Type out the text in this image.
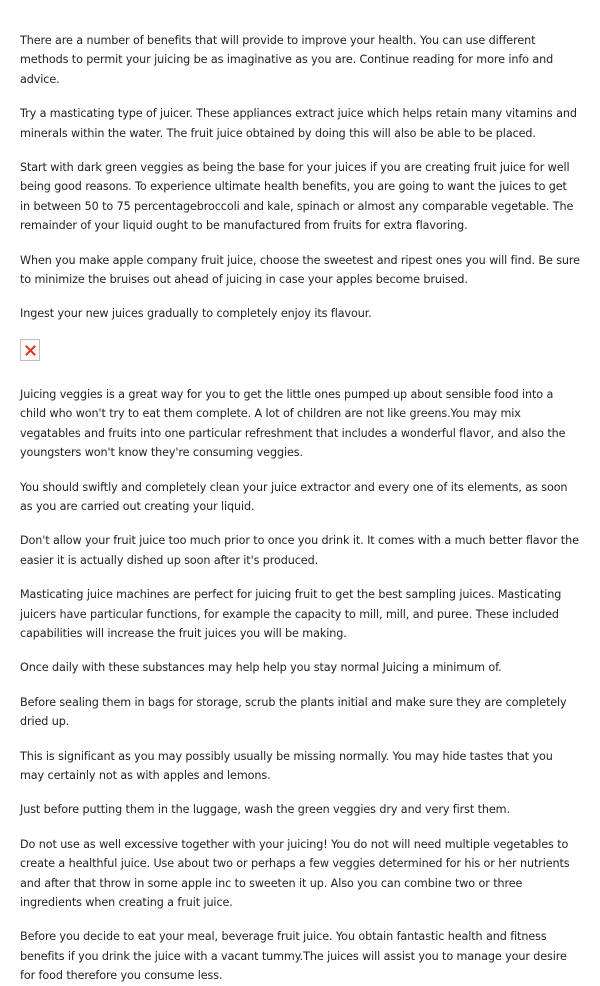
There are a number of benefits that will provide to improve your health. You can use different methods to permit your juicing be as imaginative as you are. Continue reading for more info and advice.

Try a masticating type of juicer. These appliances extract juice which helps retain many vitamins and minerals within the water. The fruit juice obtained by doing this will also be able to be placed.

Start with dark green veggies as being the base for your juices if you are creating fruit juice for well being good reasons. To experience ultimate health benefits, you are going to want the juices to get in between 50 to 75 percentagebroccoli and kale, spinach or almost any comparable vegetable. The remainder of your liquid ought to be manufactured from fruits for extra flavoring.

When you make apple company fruit juice, choose the sweetest and ripest ones you will find. Be sure to minimize the bruises out ahead of juicing in case your apples become bruised.

Ingest your new juices gradually to completely enjoy its flavour.

Juicing veggies is a great way for you to get the little ones pumped up about sensible food into a child who won't try to eat them complete. A lot of children are not like greens.You may mix vegatables and fruits into one particular refreshment that includes a wonderful flavor, and also the youngsters won't know they're consuming veggies.

You should swiftly and completely clean your juice extractor and every one of its elements, as soon as you are carried out creating your liquid.

Don't allow your fruit juice too much prior to once you drink it. It comes with a much better flavor the easier it is actually dished up soon after it's produced.

Masticating juice machines are perfect for juicing fruit to get the best sampling juices. Masticating juicers have particular functions, for example the capacity to mill, mill, and puree. These included capabilities will increase the fruit juices you will be making.

Once daily with these substances may help help you stay normal Juicing a minimum of.

Before sealing them in bags for storage, scrub the plants initial and make sure they are completely dried up.

This is significant as you may possibly usually be missing normally. You may hide tastes that you may certainly not as with apples and lemons.

Just before putting them in the luggage, wash the green veggies dry and very first them.

Do not use as well excessive together with your juicing! You do not will need multiple vegetables to create a healthful juice. Use about two or perhaps a few veggies determined for his or her nutrients and after that throw in some apple inc to sweeten it up. Also you can combine two or three ingredients when creating a fruit juice.

Before you decide to eat your meal, beverage fruit juice. You obtain fantastic health and fitness benefits if you drink the juice with a vacant tummy.The juices will assist you to manage your desire for food therefore you consume less.
